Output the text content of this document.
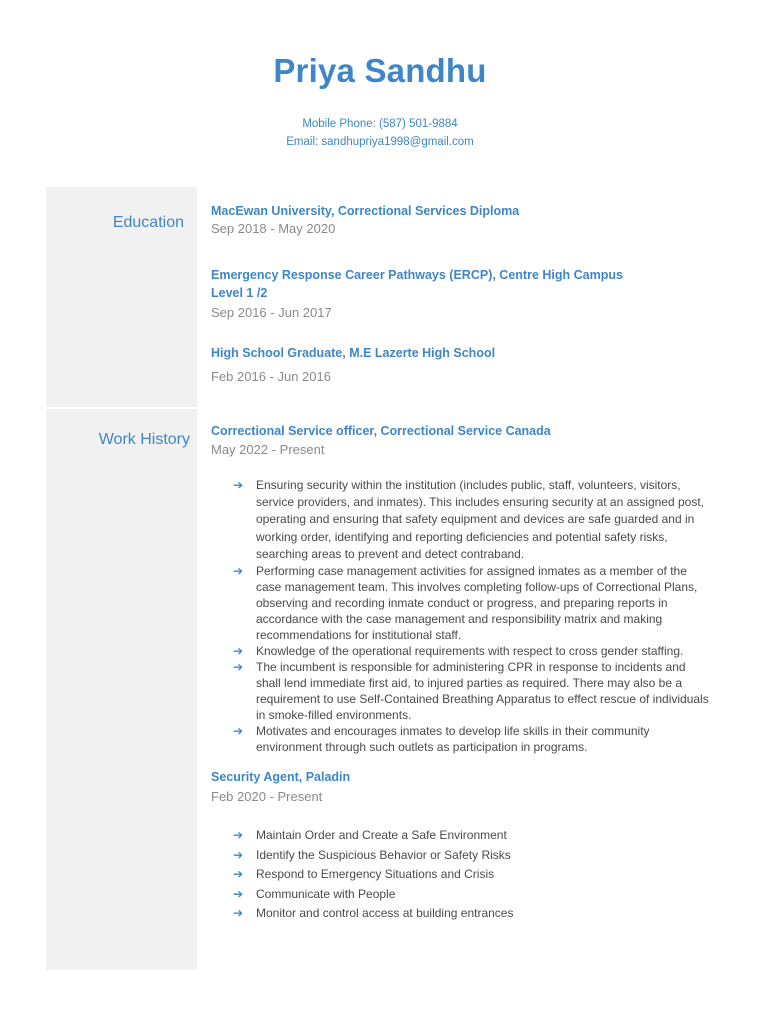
Priya Sandhu
Mobile Phone: (587) 501-9884
Email: sandhupriya1998@gmail.com
Education
Work History
MacEwan University, Correctional Services Diploma
Sep 2018 - May 2020
Emergency Response Career Pathways (ERCP), Centre High Campus Level 1 /2
Sep 2016 - Jun 2017
High School Graduate, M.E Lazerte High School
Feb 2016 - Jun 2016
Correctional Service officer, Correctional Service Canada
May 2022 - Present
➔ Ensuring security within the institution (includes public, staff, volunteers, visitors, service providers, and inmates). This includes ensuring security at an assigned post, operating and ensuring that safety equipment and devices are safe guarded and in working order, identifying and reporting deficiencies and potential safety risks, searching areas to prevent and detect contraband.
➔ Performing case management activities for assigned inmates as a member of the case management team. This involves completing follow-ups of Correctional Plans, observing and recording inmate conduct or progress, and preparing reports in accordance with the case management and responsibility matrix and making recommendations for institutional staff.
➔ Knowledge of the operational requirements with respect to cross gender staffing.
➔ The incumbent is responsible for administering CPR in response to incidents and shall lend immediate first aid, to injured parties as required. There may also be a requirement to use Self-Contained Breathing Apparatus to effect rescue of individuals in smoke-filled environments.
➔ Motivates and encourages inmates to develop life skills in their community environment through such outlets as participation in programs.
Security Agent, Paladin
Feb 2020 - Present
➔ Maintain Order and Create a Safe Environment
➔ Identify the Suspicious Behavior or Safety Risks
➔ Respond to Emergency Situations and Crisis
➔ Communicate with People
➔ Monitor and control access at building entrances
